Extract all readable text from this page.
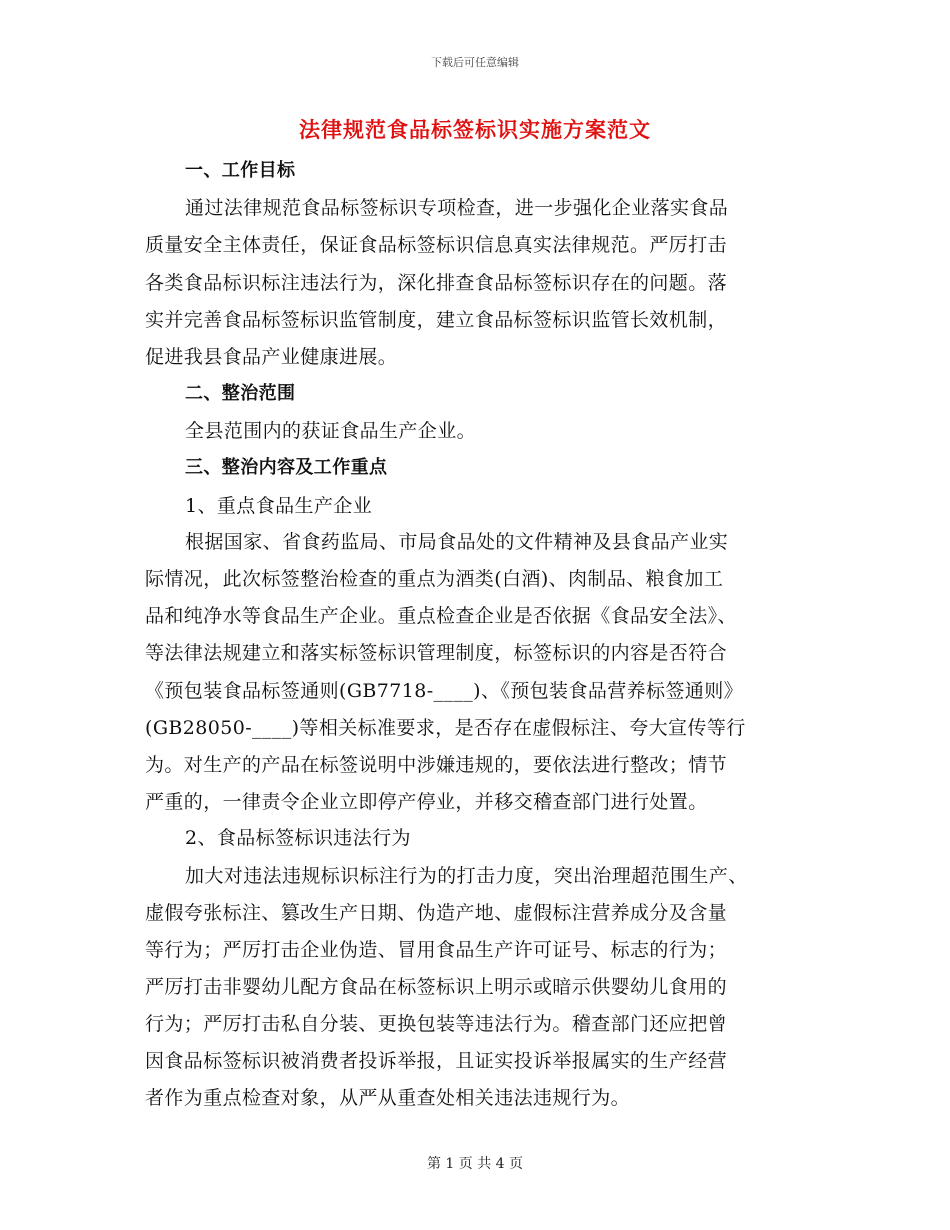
下载后可任意编辑
法律规范食品标签标识实施方案范文
一、工作目标
通过法律规范食品标签标识专项检查，进一步强化企业落实食品
质量安全主体责任，保证食品标签标识信息真实法律规范。严厉打击
各类食品标识标注违法行为，深化排查食品标签标识存在的问题。落
实并完善食品标签标识监管制度，建立食品标签标识监管长效机制，
促进我县食品产业健康进展。
二、整治范围
全县范围内的获证食品生产企业。
三、整治内容及工作重点
1、重点食品生产企业
根据国家、省食药监局、市局食品处的文件精神及县食品产业实
际情况，此次标签整治检查的重点为酒类(白酒)、肉制品、粮食加工
品和纯净水等食品生产企业。重点检查企业是否依据《食品安全法》、
等法律法规建立和落实标签标识管理制度，标签标识的内容是否符合
《预包装食品标签通则(GB7718-____)、《预包装食品营养标签通则》
(GB28050-____)等相关标准要求，是否存在虚假标注、夸大宣传等行
为。对生产的产品在标签说明中涉嫌违规的，要依法进行整改；情节
严重的，一律责令企业立即停产停业，并移交稽查部门进行处置。
2、食品标签标识违法行为
加大对违法违规标识标注行为的打击力度，突出治理超范围生产、
虚假夸张标注、篡改生产日期、伪造产地、虚假标注营养成分及含量
等行为；严厉打击企业伪造、冒用食品生产许可证号、标志的行为；
严厉打击非婴幼儿配方食品在标签标识上明示或暗示供婴幼儿食用的
行为；严厉打击私自分装、更换包装等违法行为。稽查部门还应把曾
因食品标签标识被消费者投诉举报，且证实投诉举报属实的生产经营
者作为重点检查对象，从严从重查处相关违法违规行为。
第 1 页 共 4 页
